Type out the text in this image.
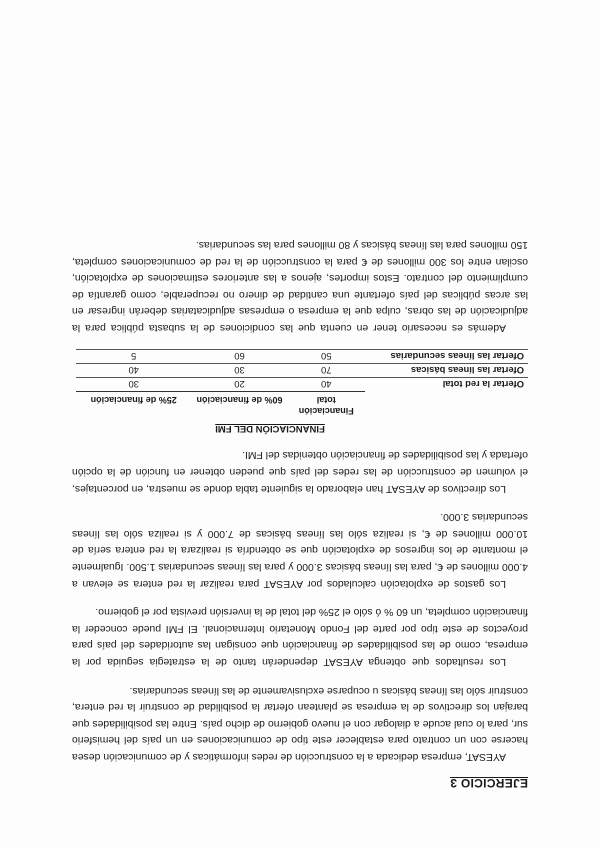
EJERCICIO 3

AYESAT, empresa dedicada a la construcción de redes informáticas y de comunicación desea hacerse con un contrato para establecer este tipo de comunicaciones en un país del hemisferio sur, para lo cual acude a dialogar con el nuevo gobierno de dicho país. Entre las posibilidades que barajan los directivos de la empresa se plantean ofertar la posibilidad de construir la red entera, construir sólo las líneas básicas u ocuparse exclusivamente de las líneas secundarias.

Los resultados que obtenga AYESAT dependerán tanto de la estrategia seguida por la empresa, como de las posibilidades de financiación que consigan las autoridades del país para proyectos de este tipo por parte del Fondo Monetario Internacional. El FMI puede conceder la financiación completa, un 60 % ó sólo el 25% del total de la inversión prevista por el gobierno.

Los gastos de explotación calculados por AYESAT para realizar la red entera se elevan a 4.000 millones de €, para las líneas básicas 3.000 y para las líneas secundarias 1.500. Igualmente el montante de los ingresos de explotación que se obtendría si realizara la red entera sería de 10.000 millones de €, si realiza sólo las líneas básicas de 7.000 y si realiza sólo las líneas secundarias 3.000.

Los directivos de AYESAT han elaborado la siguiente tabla donde se muestra, en porcentajes, el volumen de construcción de las redes del país que pueden obtener en función de la opción ofertada y las posibilidades de financiación obtenidas del FMI.

FINANCIACIÓN DEL FMI
	Financiación total	60% de financiación	25% de financiación
Ofertar la red total	40	20	30
Ofertar las líneas básicas	70	30	40
Ofertar las líneas secundarias	50	60	5

Además es necesario tener en cuenta que las condiciones de la subasta pública para la adjudicación de las obras, culpa que la empresa o empresas adjudicatarias deberán ingresar en las arcas públicas del país ofertante una cantidad de dinero no recuperable, como garantía de cumplimiento del contrato. Estos importes, ajenos a las anteriores estimaciones de explotación, oscilan entre los 300 millones de € para la construcción de la red de comunicaciones completa, 150 millones para las líneas básicas y 80 millones para las secundarias.
